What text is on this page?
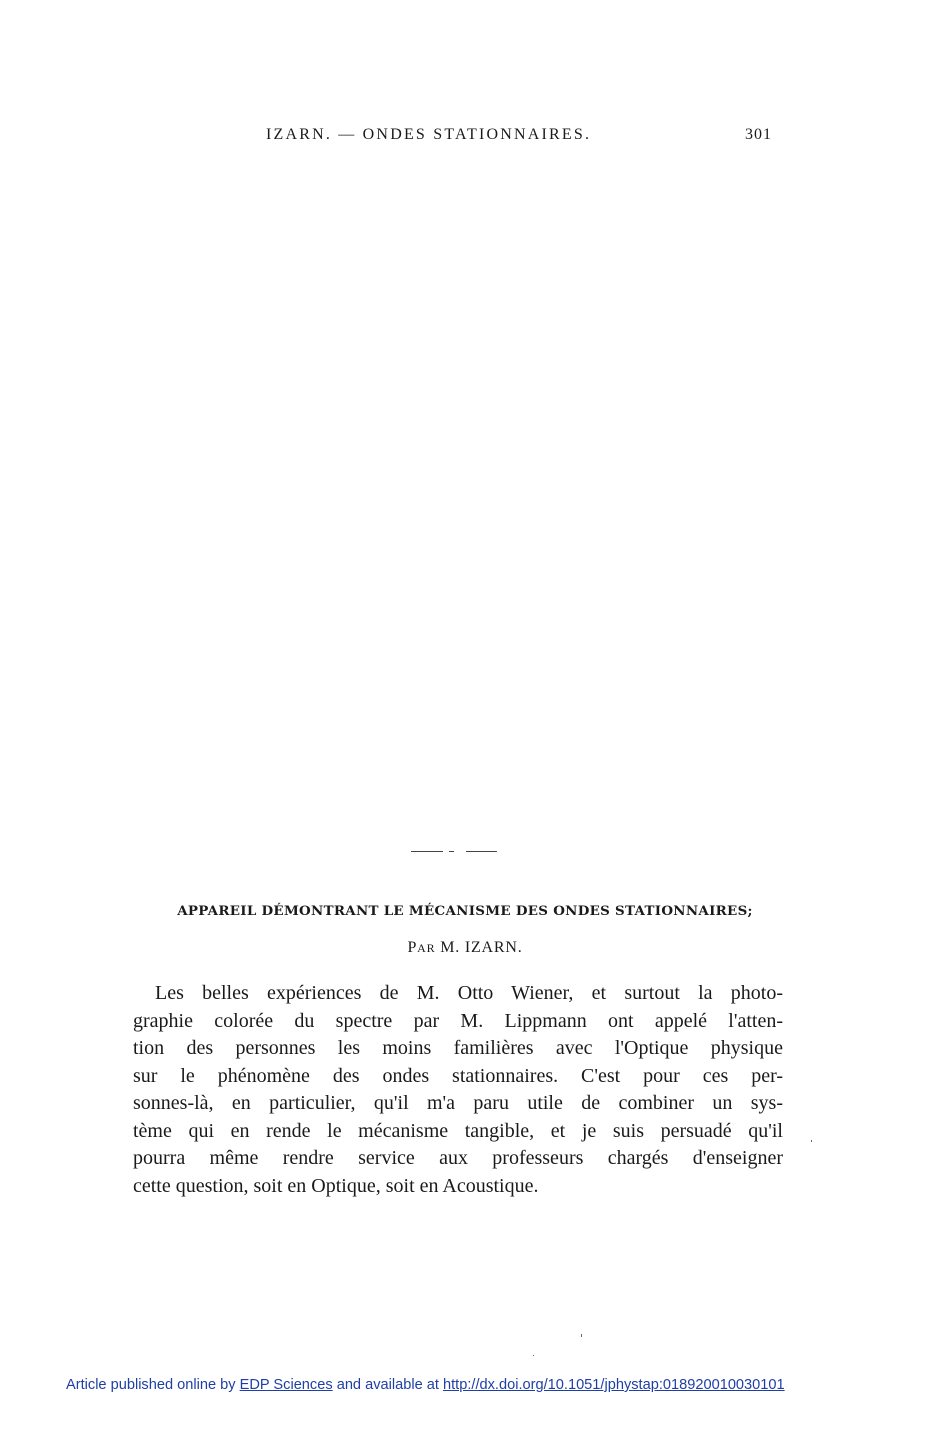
IZARN. — ONDES STATIONNAIRES.	301
APPAREIL DÉMONTRANT LE MÉCANISME DES ONDES STATIONNAIRES;
PAR M. IZARN.
Les belles expériences de M. Otto Wiener, et surtout la photo-
graphie colorée du spectre par M. Lippmann ont appelé l'atten-
tion des personnes les moins familières avec l'Optique physique
sur le phénomène des ondes stationnaires. C'est pour ces per-
sonnes-là, en particulier, qu'il m'a paru utile de combiner un sys-
tème qui en rende le mécanisme tangible, et je suis persuadé qu'il
pourra même rendre service aux professeurs chargés d'enseigner
cette question, soit en Optique, soit en Acoustique.
Article published online by EDP Sciences and available at http://dx.doi.org/10.1051/jphystap:018920010030101
